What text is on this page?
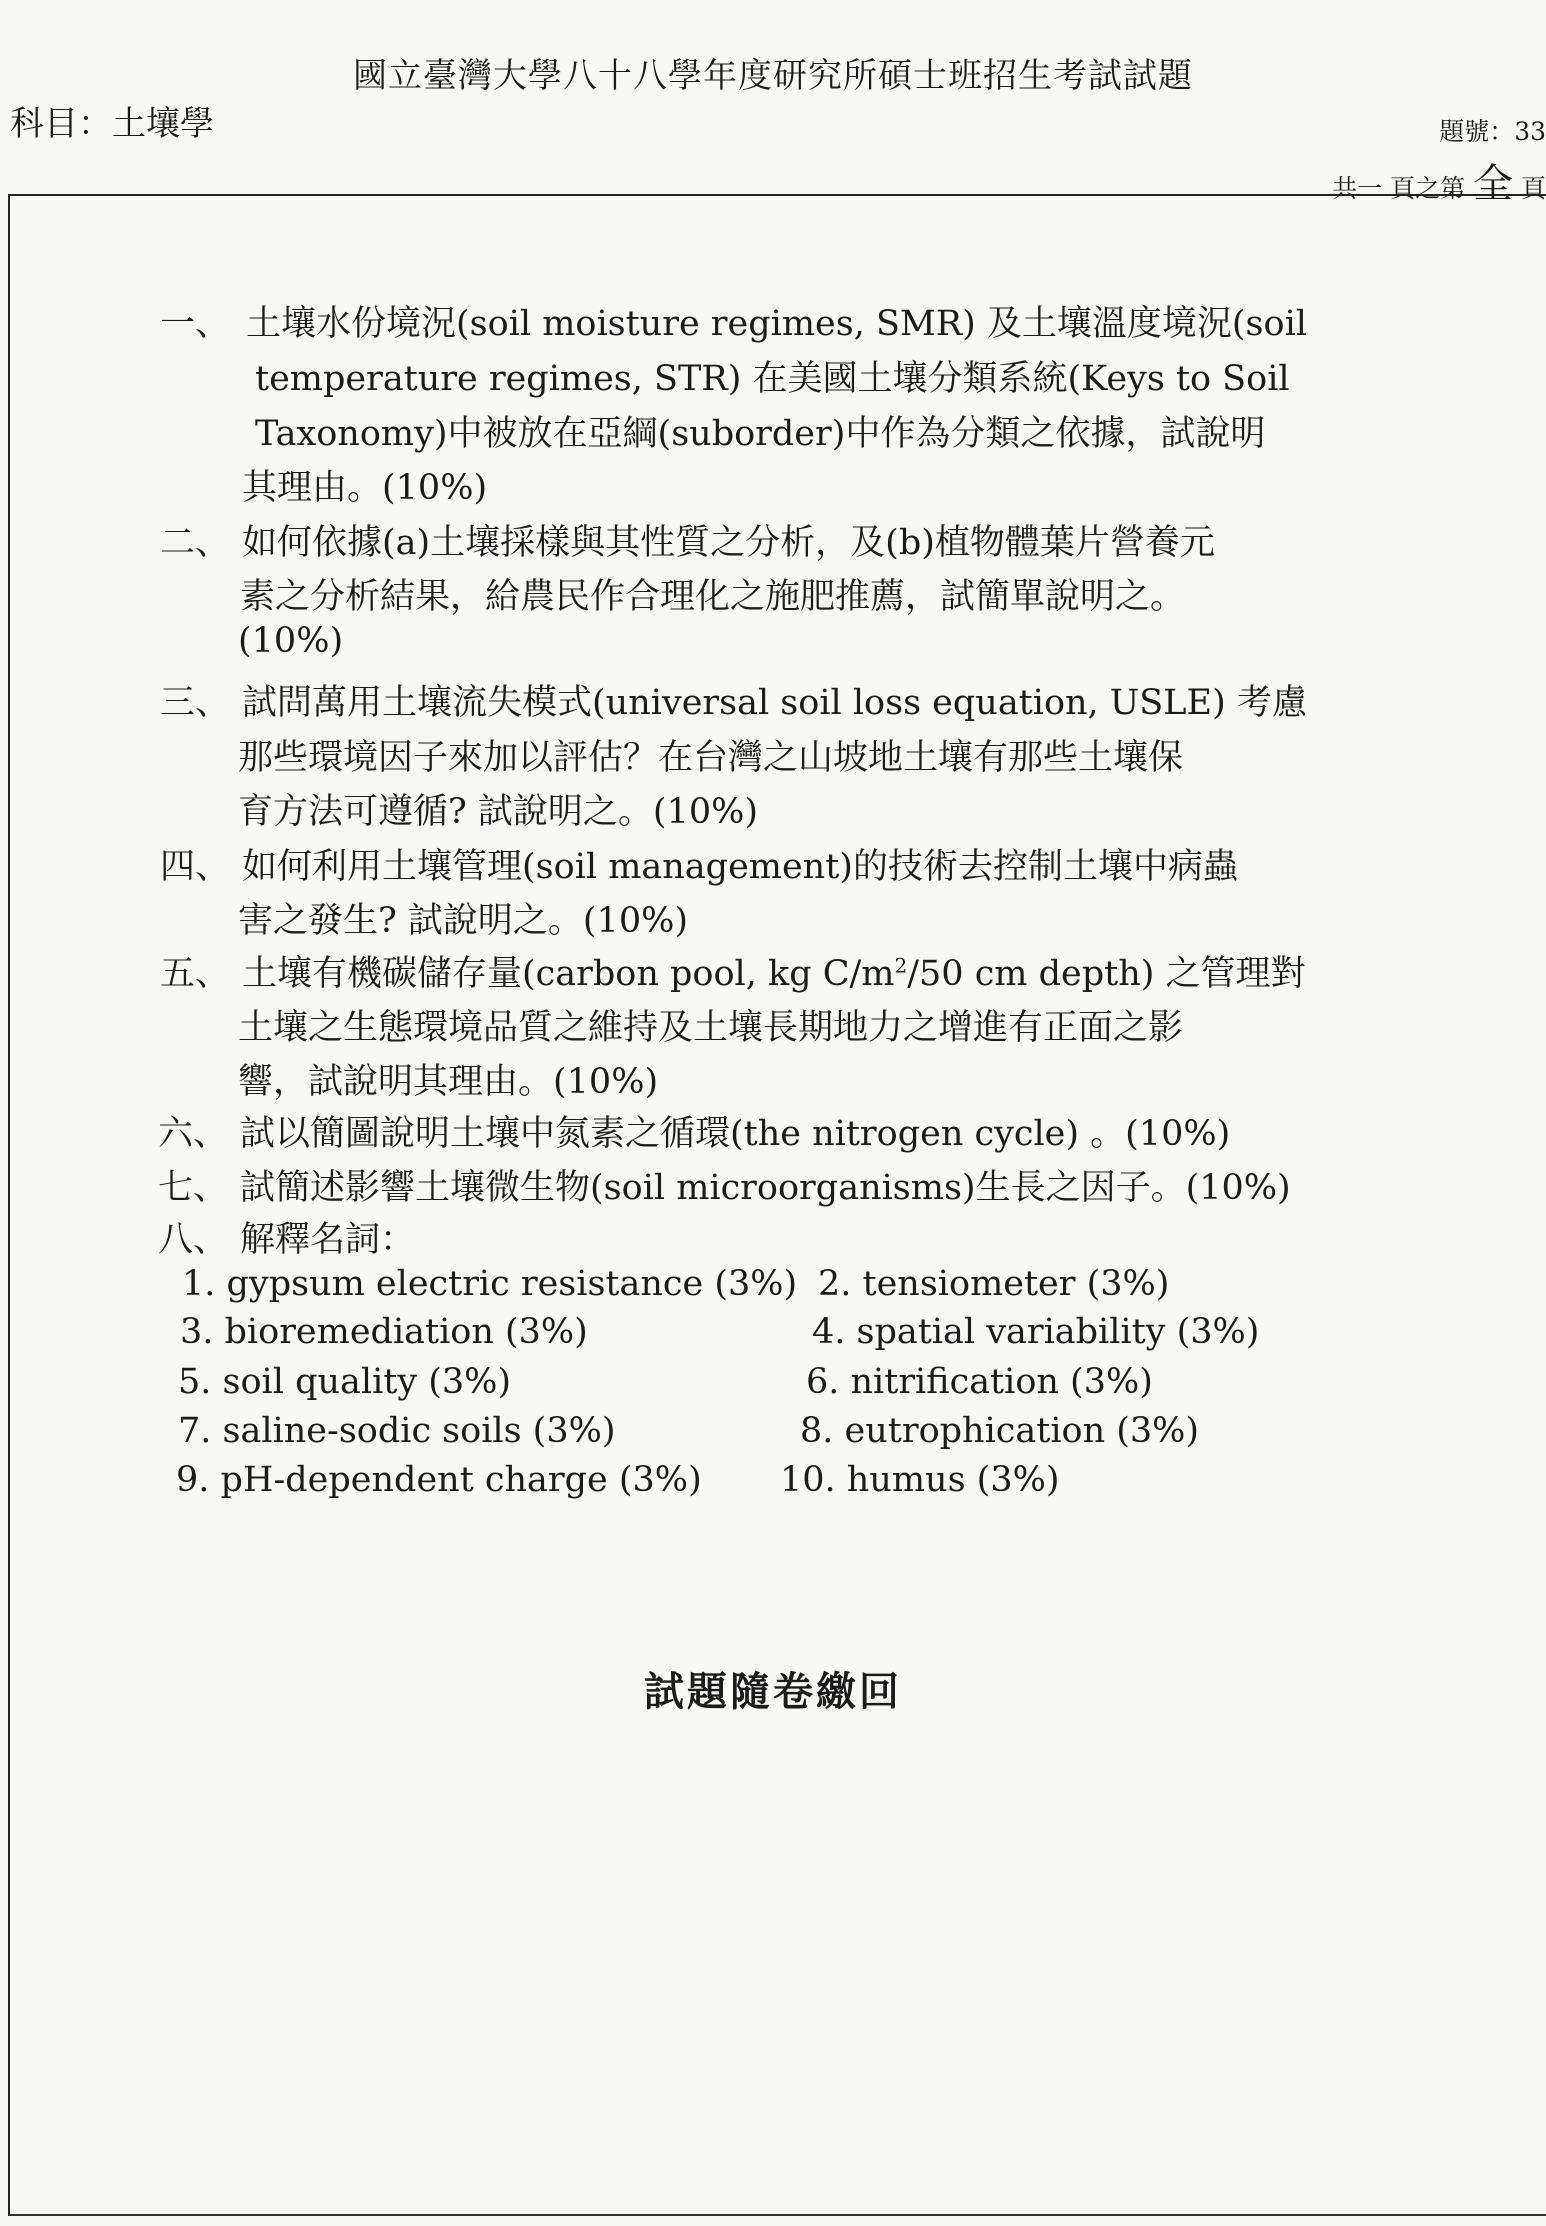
國立臺灣大學八十八學年度研究所碩士班招生考試試題
科目：土壤學	題號：33
共一 頁之第 全 頁
一、 土壤水份境況(soil moisture regimes, SMR) 及土壤溫度境況(soil
temperature regimes, STR) 在美國土壤分類系統(Keys to Soil
Taxonomy)中被放在亞綱(suborder)中作為分類之依據，試說明
其理由。(10%)
二、 如何依據(a)土壤採樣與其性質之分析，及(b)植物體葉片營養元
素之分析結果，給農民作合理化之施肥推薦，試簡單說明之。
(10%)
三、 試問萬用土壤流失模式(universal soil loss equation, USLE) 考慮
那些環境因子來加以評估？在台灣之山坡地土壤有那些土壤保
育方法可遵循? 試說明之。(10%)
四、 如何利用土壤管理(soil management)的技術去控制土壤中病蟲
害之發生? 試說明之。(10%)
五、 土壤有機碳儲存量(carbon pool, kg $C/m^2/50$ cm depth) 之管理對
土壤之生態環境品質之維持及土壤長期地力之增進有正面之影
響，試說明其理由。(10%)
六、 試以簡圖說明土壤中氮素之循環(the nitrogen cycle) 。(10%)
七、 試簡述影響土壤微生物(soil microorganisms)生長之因子。(10%)
八、 解釋名詞：
1. gypsum electric resistance (3%) 2. tensiometer (3%)
3. bioremediation (3%)	4. spatial variability (3%)
5. soil quality (3%)	6. nitrification (3%)
7. saline-sodic soils (3%)	8. eutrophication (3%)
9. pH-dependent charge (3%) 10. humus (3%)
試題隨卷繳回
